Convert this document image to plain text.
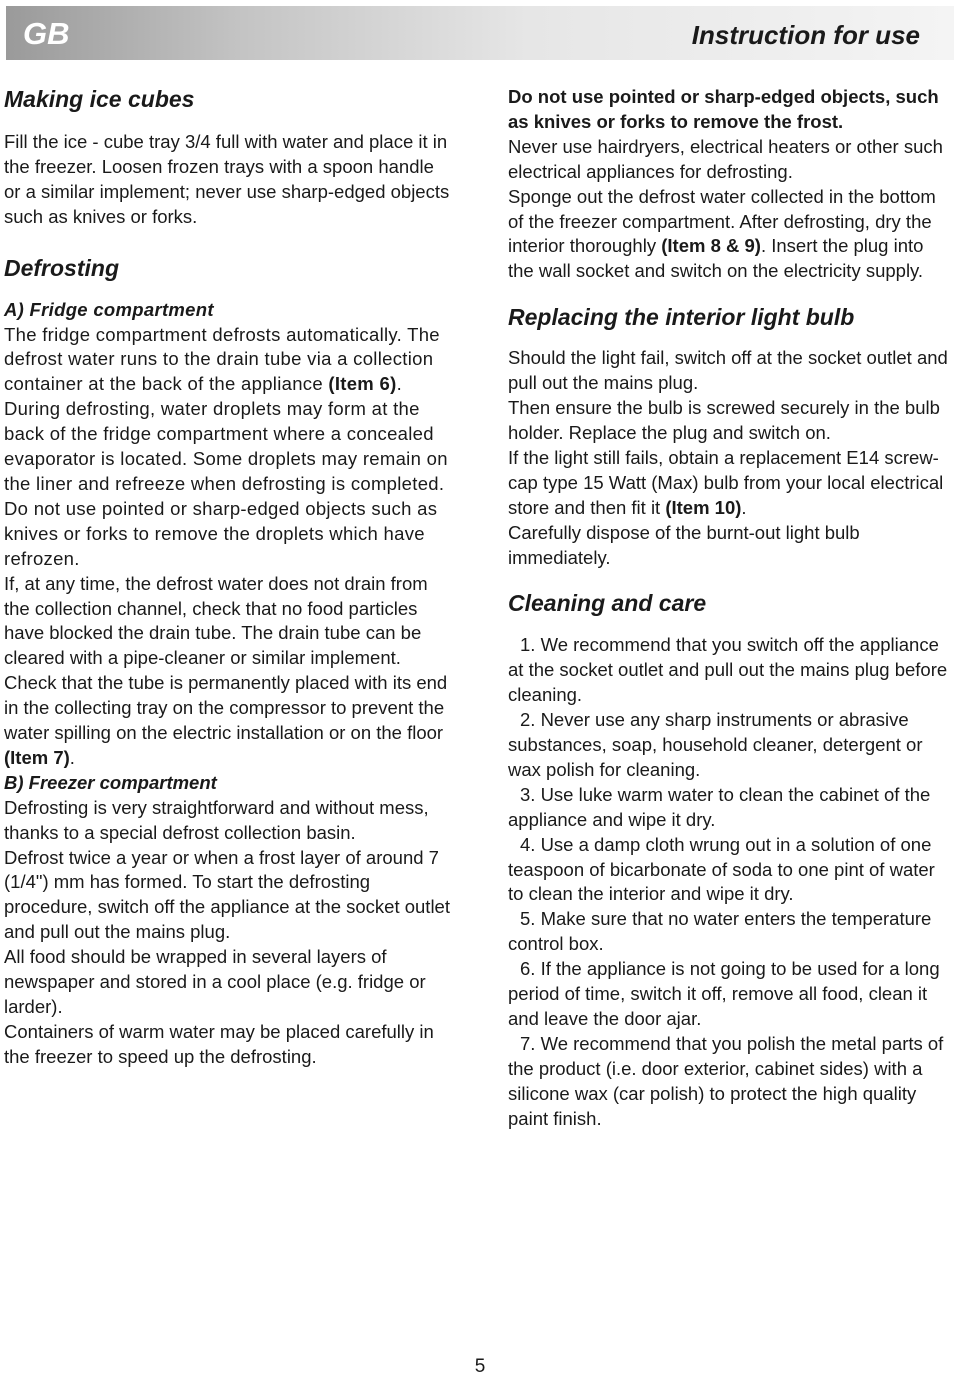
GB	Instruction for use
Making ice cubes

Fill the ice - cube tray 3/4 full with water and place it in the freezer. Loosen frozen trays with a spoon handle or a similar implement; never use sharp-edged objects such as knives or forks.

Defrosting
A) Fridge compartment

The fridge compartment defrosts automatically. The defrost water runs to the drain tube via a collection container at the back of the appliance (Item 6).

During defrosting, water droplets may form at the back of the fridge compartment where a concealed evaporator is located. Some droplets may remain on the liner and refreeze when defrosting is completed. Do not use pointed or sharp-edged objects such as knives or forks to remove the droplets which have refrozen.

If, at any time, the defrost water does not drain from the collection channel, check that no food particles have blocked the drain tube. The drain tube can be cleared with a pipe-cleaner or similar implement.

Check that the tube is permanently placed with its end in the collecting tray on the compressor to prevent the water spilling on the electric installation or on the floor (Item 7).

B) Freezer compartment

Defrosting is very straightforward and without mess, thanks to a special defrost collection basin.

Defrost twice a year or when a frost layer of around 7 (1/4") mm has formed. To start the defrosting procedure, switch off the appliance at the socket outlet and pull out the mains plug.

All food should be wrapped in several layers of newspaper and stored in a cool place (e.g. fridge or larder).

Containers of warm water may be placed carefully in the freezer to speed up the defrosting.

Do not use pointed or sharp-edged objects, such as knives or forks to remove the frost.

Never use hairdryers, electrical heaters or other such electrical appliances for defrosting.

Sponge out the defrost water collected in the bottom of the freezer compartment. After defrosting, dry the interior thoroughly (Item 8 & 9). Insert the plug into the wall socket and switch on the electricity supply.

Replacing the interior light bulb

Should the light fail, switch off at the socket outlet and pull out the mains plug.

Then ensure the bulb is screwed securely in the bulb holder. Replace the plug and switch on.

If the light still fails, obtain a replacement E14 screw-cap type 15 Watt (Max) bulb from your local electrical store and then fit it (Item 10).

Carefully dispose of the burnt-out light bulb immediately.

Cleaning and care

1. We recommend that you switch off the appliance at the socket outlet and pull out the mains plug before cleaning.

2. Never use any sharp instruments or abrasive substances, soap, household cleaner, detergent or wax polish for cleaning.

3. Use luke warm water to clean the cabinet of the appliance and wipe it dry.

4. Use a damp cloth wrung out in a solution of one teaspoon of bicarbonate of soda to one pint of water to clean the interior and wipe it dry.

5. Make sure that no water enters the temperature control box.

6. If the appliance is not going to be used for a long period of time, switch it off, remove all food, clean it and leave the door ajar.

7. We recommend that you polish the metal parts of the product (i.e. door exterior, cabinet sides) with a silicone wax (car polish) to protect the high quality paint finish.

5
